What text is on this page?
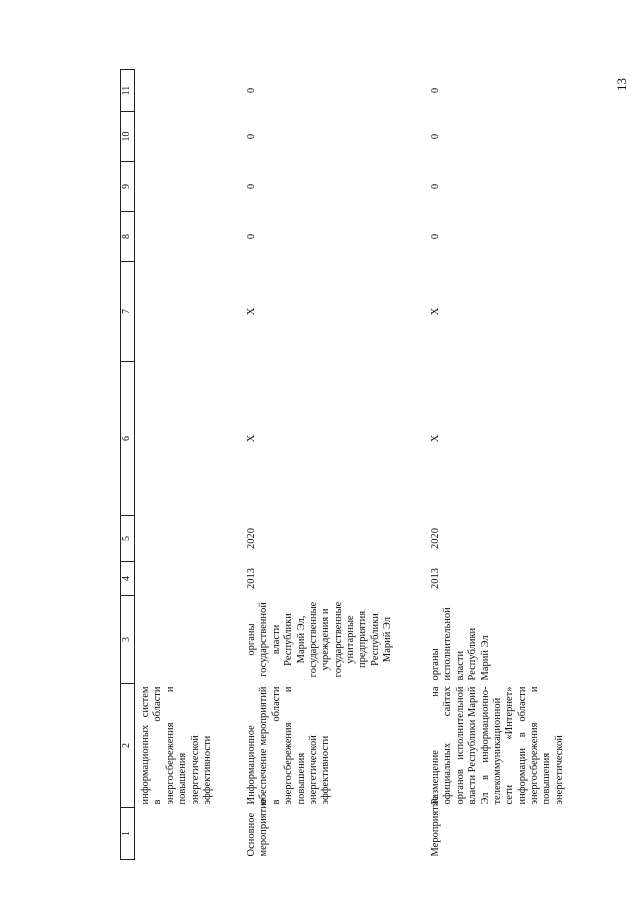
13
1	2	3	4	5	6	7	8	9	10	11
	информационных систем в области энергосбережения и повышения энергетической эффективности									
Основное мероприятие	Информационное обеспечение мероприятий в области энергосбережения и повышения энергетической эффективности	органы государственной власти Республики Марий Эл, государственные учреждения и государственные унитарные предприятия Республики Марий Эл	2013	2020	Х	Х	0	0	0	0
Мероприятие	Размещение на официальных сайтах органов исполнительной власти Республики Марий Эл в информационно-телекоммуникационной сети «Интернет» информации в области энергосбережения и повышения энергетической	органы исполнительной власти Республики Марий Эл	2013	2020	Х	Х	0	0	0	0
